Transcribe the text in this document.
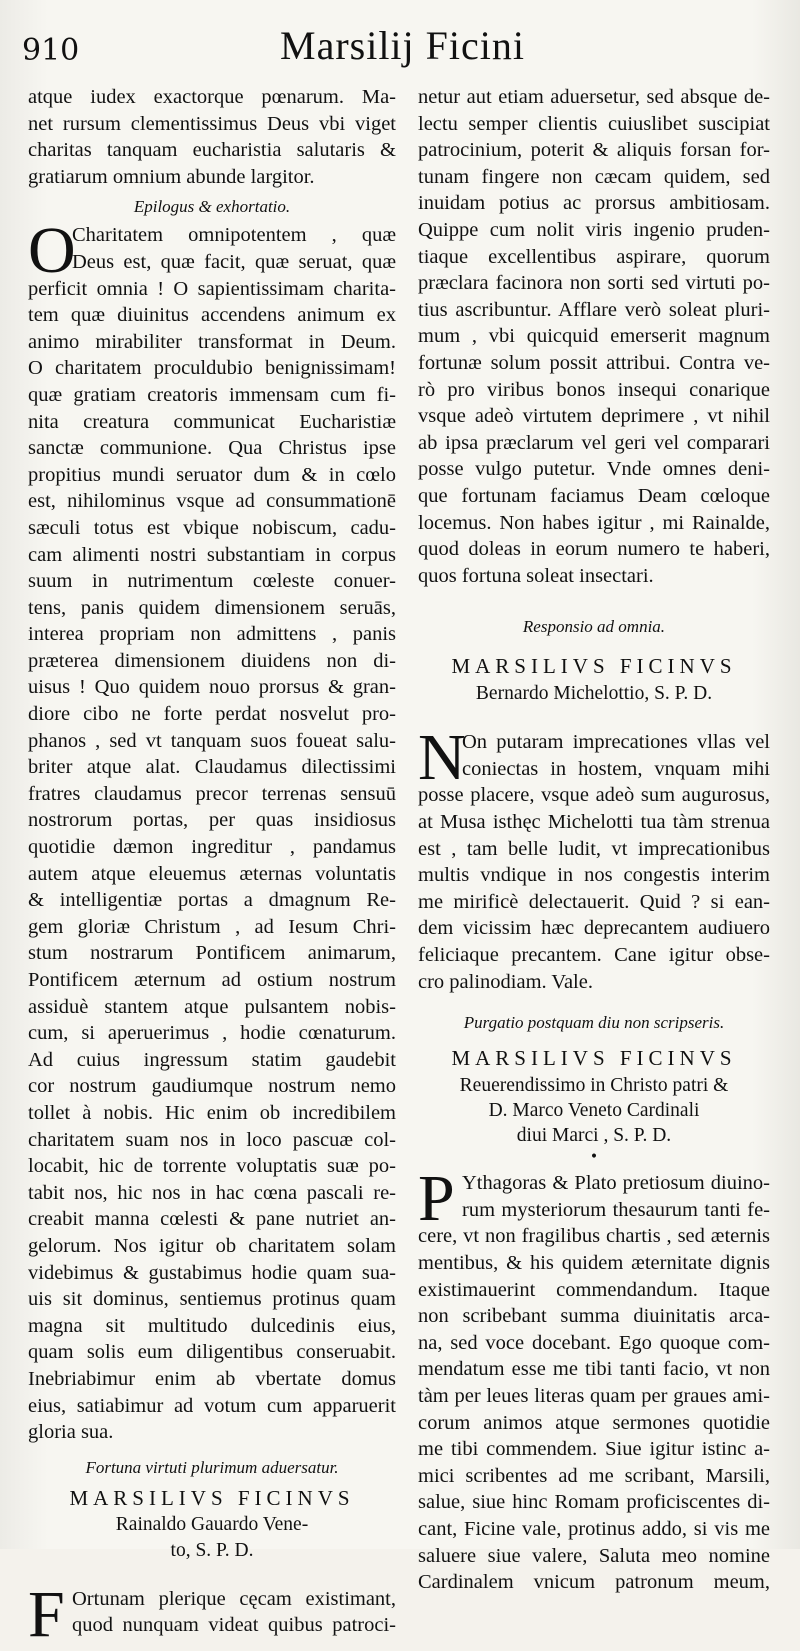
910	Marsilij Ficini
atque iudex exactorque pœnarum. Ma-
net rursum clementissimus Deus vbi viget
charitas tanquam eucharistia salutaris &
gratiarum omnium abunde largitor.
Epilogus & exhortatio.
O
Charitatem omnipotentem , quæ
Deus est, quæ facit, quæ seruat, quæ
perficit omnia ! O sapientissimam charita-
tem quæ diuinitus accendens animum ex
animo mirabiliter transformat in Deum.
O charitatem proculdubio benignissimam!
quæ gratiam creatoris immensam cum fi-
nita creatura communicat Eucharistiæ
sanctæ communione. Qua Christus ipse
propitius mundi seruator dum & in cœlo
est, nihilominus vsque ad consummationē
sæculi totus est vbique nobiscum, cadu-
cam alimenti nostri substantiam in corpus
suum in nutrimentum cœleste conuer-
tens, panis quidem dimensionem seruās,
interea propriam non admittens , panis
præterea dimensionem diuidens non di-
uisus ! Quo quidem nouo prorsus & gran-
diore cibo ne forte perdat nosvelut pro-
phanos , sed vt tanquam suos foueat salu-
briter atque alat. Claudamus dilectissimi
fratres claudamus precor terrenas sensuū
nostrorum portas, per quas insidiosus
quotidie dæmon ingreditur , pandamus
autem atque eleuemus æternas voluntatis
& intelligentiæ portas a dmagnum Re-
gem gloriæ Christum , ad Iesum Chri-
stum nostrarum Pontificem animarum,
Pontificem æternum ad ostium nostrum
assiduè stantem atque pulsantem nobis-
cum, si aperuerimus , hodie cœnaturum.
Ad cuius ingressum statim gaudebit
cor nostrum gaudiumque nostrum nemo
tollet à nobis. Hic enim ob incredibilem
charitatem suam nos in loco pascuæ col-
locabit, hic de torrente voluptatis suæ po-
tabit nos, hic nos in hac cœna pascali re-
creabit manna cœlesti & pane nutriet an-
gelorum. Nos igitur ob charitatem solam
videbimus & gustabimus hodie quam sua-
uis sit dominus, sentiemus protinus quam
magna sit multitudo dulcedinis eius,
quam solis eum diligentibus conseruabit.
Inebriabimur enim ab vbertate domus
eius, satiabimur ad votum cum apparuerit
gloria sua.
Fortuna virtuti plurimum aduersatur.
MARSILIVS FICINVS
Rainaldo Gauardo Vene-
to, S. P. D.
F Ortunam plerique cęcam existimant,
quod nunquam videat quibus patroci-
netur aut etiam aduersetur, sed absque de-
lectu semper clientis cuiuslibet suscipiat
patrocinium, poterit & aliquis forsan for-
tunam fingere non cæcam quidem, sed
inuidam potius ac prorsus ambitiosam.
Quippe cum nolit viris ingenio pruden-
tiaque excellentibus aspirare, quorum
præclara facinora non sorti sed virtuti po-
tius ascribuntur. Afflare verò soleat pluri-
mum , vbi quicquid emerserit magnum
fortunæ solum possit attribui. Contra ve-
rò pro viribus bonos insequi conarique
vsque adeò virtutem deprimere , vt nihil
ab ipsa præclarum vel geri vel comparari
posse vulgo putetur. Vnde omnes deni-
que fortunam faciamus Deam cœloque
locemus. Non habes igitur , mi Rainalde,
quod doleas in eorum numero te haberi,
quos fortuna soleat insectari.
Responsio ad omnia.
MARSILIVS FICINVS
Bernardo Michelottio, S. P. D.
N
On putaram imprecationes vllas vel
coniectas in hostem, vnquam mihi
posse placere, vsque adeò sum augurosus,
at Musa isthęc Michelotti tua tàm strenua
est , tam belle ludit, vt imprecationibus
multis vndique in nos congestis interim
me mirificè delectauerit. Quid ? si ean-
dem vicissim hæc deprecantem audiuero
feliciaque precantem. Cane igitur obse-
cro palinodiam. Vale.
Purgatio postquam diu non scripseris.
MARSILIVS FICINVS
Reuerendissimo in Christo patri &
D. Marco Veneto Cardinali
diui Marci , S. P. D.
•
P Ythagoras & Plato pretiosum diuino-
rum mysteriorum thesaurum tanti fe-
cere, vt non fragilibus chartis , sed æternis
mentibus, & his quidem æternitate dignis
existimauerint commendandum. Itaque
non scribebant summa diuinitatis arca-
na, sed voce docebant. Ego quoque com-
mendatum esse me tibi tanti facio, vt non
tàm per leues literas quam per graues ami-
corum animos atque sermones quotidie
me tibi commendem. Siue igitur istinc a-
mici scribentes ad me scribant, Marsili,
salue, siue hinc Romam proficiscentes di-
cant, Ficine vale, protinus addo, si vis me
saluere siue valere, Saluta meo nomine
Cardinalem vnicum patronum meum,
